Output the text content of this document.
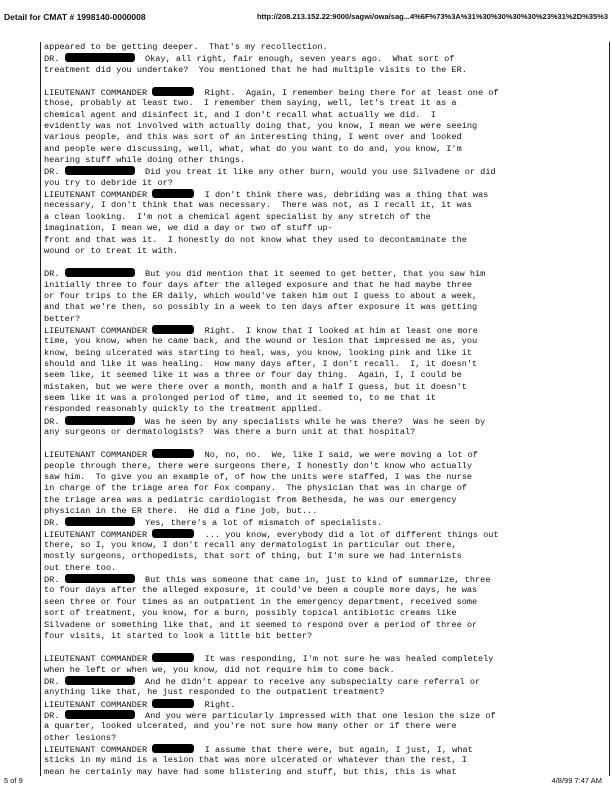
Detail for CMAT # 1998140-0000008	http://208.213.152.22:9000/sagwi/owa/sag...4%6F%73%3A%31%30%30%30%30%23%31%2D%35%3
appeared to be getting deeper.  That's my recollection.
DR.	Okay, all right, fair enough, seven years ago.  What sort of
treatment did you undertake?  You mentioned that he had multiple visits to the ER.
LIEUTENANT COMMANDER	Right.  Again, I remember being there for at least one of
those, probably at least two.  I remember them saying, well, let's treat it as a
chemical agent and disinfect it, and I don't recall what actually we did.  I
evidently was not involved with actually doing that, you know, I mean we were seeing
various people, and this was sort of an interesting thing, I went over and looked
and people were discussing, well, what, what do you want to do and, you know, I'm
hearing stuff while doing other things.
DR.	Did you treat it like any other burn, would you use Silvadene or did
you try to debride it or?
LIEUTENANT COMMANDER	I don't think there was, debriding was a thing that was
necessary, I don't think that was necessary.  There was not, as I recall it, it was
a clean looking.  I'm not a chemical agent specialist by any stretch of the
imagination, I mean we, we did a day or two of stuff up-
front and that was it.  I honestly do not know what they used to decontaminate the
wound or to treat it with.
DR.	But you did mention that it seemed to get better, that you saw him
initially three to four days after the alleged exposure and that he had maybe three
or four trips to the ER daily, which would've taken him out I guess to about a week,
and that we're then, so possibly in a week to ten days after exposure it was getting
better?
LIEUTENANT COMMANDER	Right.  I know that I looked at him at least one more
time, you know, when he came back, and the wound or lesion that impressed me as, you
know, being ulcerated was starting to heal, was, you know, looking pink and like it
should and like it was healing.  How many days after, I don't recall.  I, it doesn't
seem like, it seemed like it was a three or four day thing.  Again, I, I could be
mistaken, but we were there over a month, month and a half I guess, but it doesn't
seem like it was a prolonged period of time, and it seemed to, to me that it
responded reasonably quickly to the treatment applied.
DR.	Was he seen by any specialists while he was there?  Was he seen by
any surgeons or dermatologists?  Was there a burn unit at that hospital?
LIEUTENANT COMMANDER	No, no, no.  We, like I said, we were moving a lot of
people through there, there were surgeons there, I honestly don't know who actually
saw him.  To give you an example of, of how the units were staffed, I was the nurse
in charge of the triage area for Fox company.  The physician that was in charge of
the triage area was a pediatric cardiologist from Bethesda, he was our emergency
physician in the ER there.  He did a fine job, but...
DR.	Yes, there's a lot of mismatch of specialists.
LIEUTENANT COMMANDER	... you know, everybody did a lot of different things out
there, so I, you know, I don't recall any dermatologist in particular out there,
mostly surgeons, orthopedists, that sort of thing, but I'm sure we had internists
out there too.
DR.	But this was someone that came in, just to kind of summarize, three
to four days after the alleged exposure, it could've been a couple more days, he was
seen three or four times as an outpatient in the emergency department, received some
sort of treatment, you know, for a burn, possibly topical antibiotic creams like
Silvadene or something like that, and it seemed to respond over a period of three or
four visits, it started to look a little bit better?
LIEUTENANT COMMANDER	It was responding, I'm not sure he was healed completely
when he left or when we, you know, did not require him to come back.
DR.	And he didn't appear to receive any subspecialty care referral or
anything like that, he just responded to the outpatient treatment?
LIEUTENANT COMMANDER	Right.
DR.	And you were particularly impressed with that one lesion the size of
a quarter, looked ulcerated, and you're not sure how many other or if there were
other lesions?
LIEUTENANT COMMANDER	I assume that there were, but again, I just, I, what
sticks in my mind is a lesion that was more ulcerated or whatever than the rest, I
mean he certainly may have had some blistering and stuff, but this, this is what
5 of 9	4/8/99 7:47 AM
